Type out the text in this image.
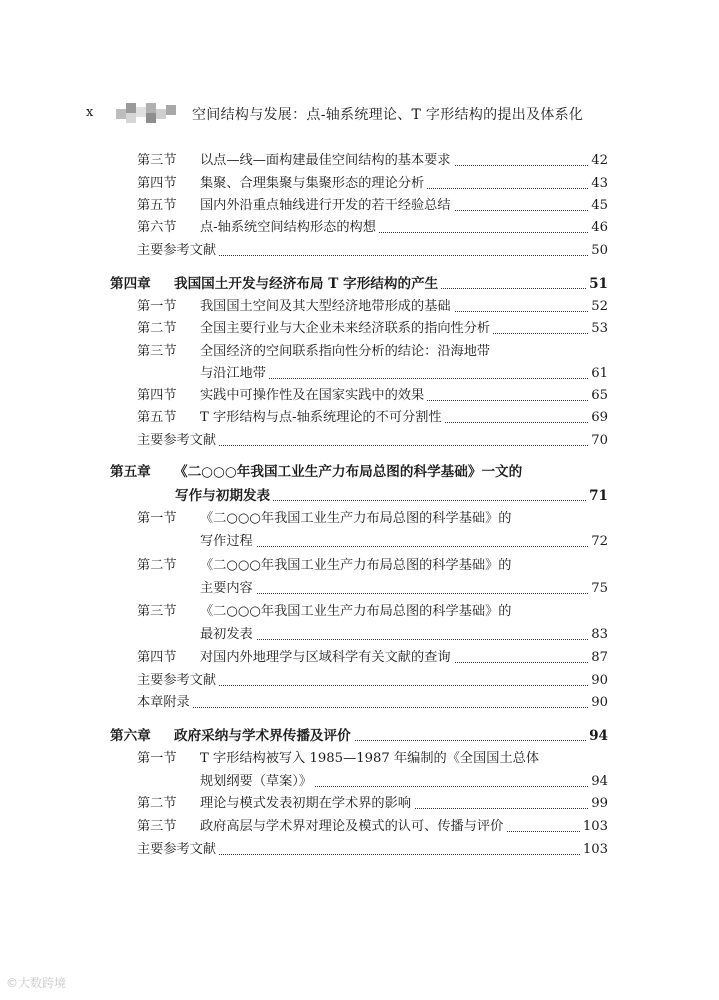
x	空间结构与发展：点-轴系统理论、T 字形结构的提出及体系化
第三节 以点—线—面构建最佳空间结构的基本要求	42
第四节 集聚、合理集聚与集聚形态的理论分析	43
第五节 国内外沿重点轴线进行开发的若干经验总结	45
第六节 点-轴系统空间结构形态的构想	46
主要参考文献	50
第四章 我国国土开发与经济布局 T 字形结构的产生	51
第一节 我国国土空间及其大型经济地带形成的基础	52
第二节 全国主要行业与大企业未来经济联系的指向性分析	53
第三节 全国经济的空间联系指向性分析的结论：沿海地带
与沿江地带	61
第四节 实践中可操作性及在国家实践中的效果	65
第五节 T 字形结构与点-轴系统理论的不可分割性	69
主要参考文献	70
第五章 《二○○○年我国工业生产力布局总图的科学基础》一文的
写作与初期发表	71
第一节 《二○○○年我国工业生产力布局总图的科学基础》的
写作过程	72
第二节 《二○○○年我国工业生产力布局总图的科学基础》的
主要内容	75
第三节 《二○○○年我国工业生产力布局总图的科学基础》的
最初发表	83
第四节 对国内外地理学与区域科学有关文献的查询	87
主要参考文献	90
本章附录	90
第六章 政府采纳与学术界传播及评价	94
第一节 T 字形结构被写入 1985—1987 年编制的《全国国土总体
规划纲要（草案）》	94
第二节 理论与模式发表初期在学术界的影响	99
第三节 政府高层与学术界对理论及模式的认可、传播与评价	103
主要参考文献	103
©大数跨境
